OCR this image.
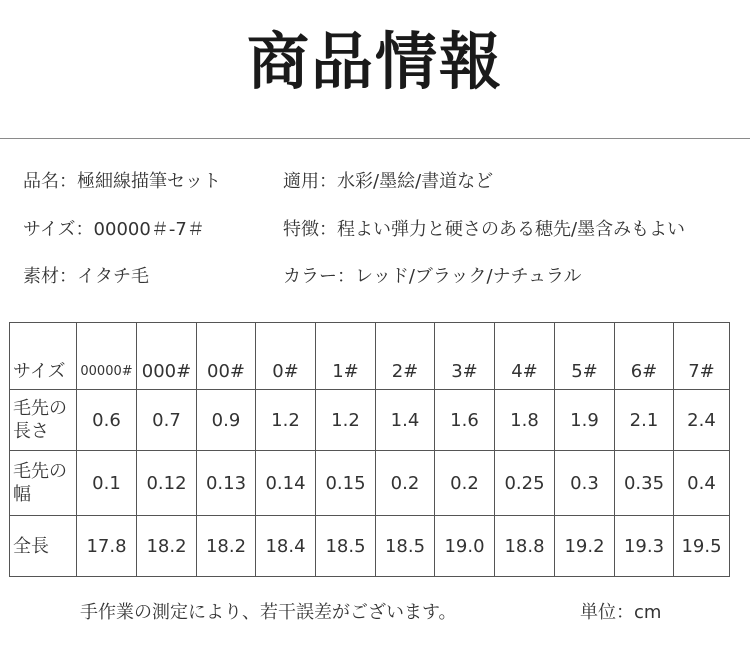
商品情報
品名：極細線描筆セット	適用：水彩/墨絵/書道など
サイズ：00000＃-7＃	特徴：程よい弾力と硬さのある穂先/墨含みもよい
素材：イタチ毛	カラー：レッド/ブラック/ナチュラル
サイズ	00000#	000#	00#	0#	1#	2#	3#	4#	5#	6#	7#

毛先の長さ	0.6	0.7	0.9	1.2	1.2	1.4	1.6	1.8	1.9	2.1	2.4

毛先の幅	0.1	0.12	0.13	0.14	0.15	0.2	0.2	0.25	0.3	0.35	0.4
全長	17.8	18.2	18.2	18.4	18.5	18.5	19.0	18.8	19.2	19.3	19.5
手作業の測定により、若干誤差がございます。	単位：cm
